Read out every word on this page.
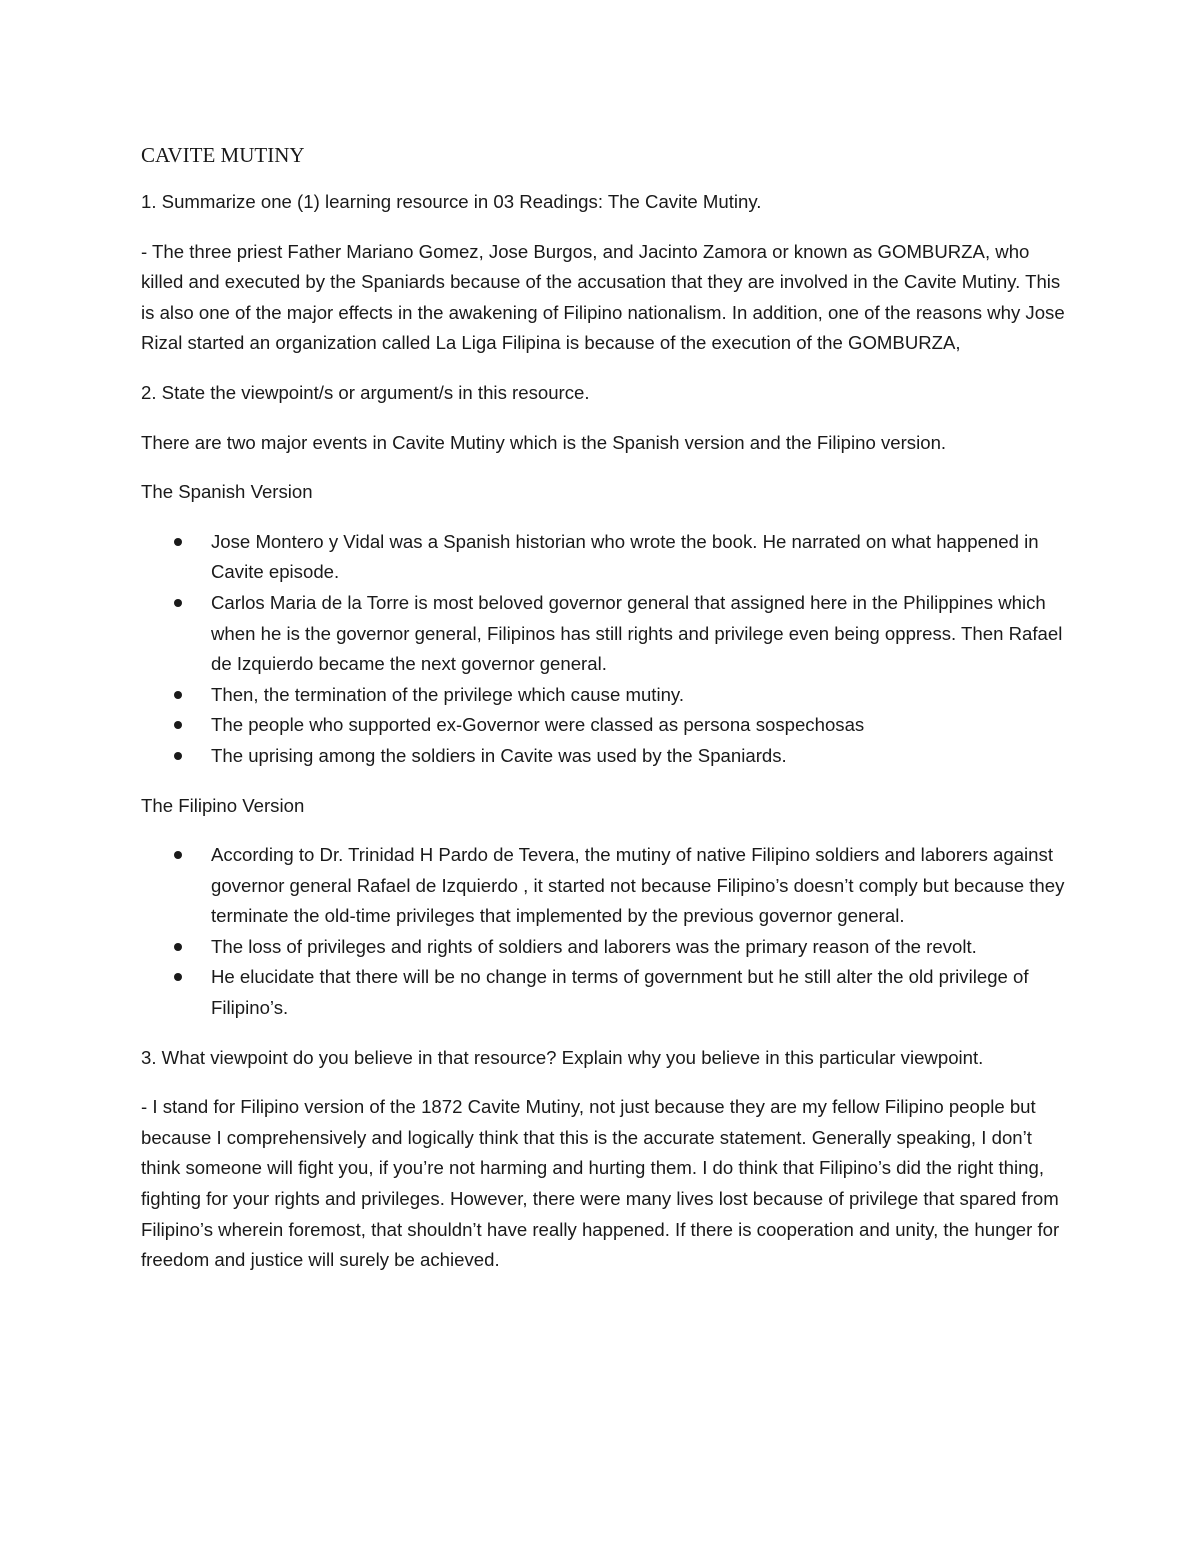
CAVITE MUTINY

1. Summarize one (1) learning resource in 03 Readings: The Cavite Mutiny.

- The three priest Father Mariano Gomez, Jose Burgos, and Jacinto Zamora or known as GOMBURZA, who killed and executed by the Spaniards because of the accusation that they are involved in the Cavite Mutiny. This is also one of the major effects in the awakening of Filipino nationalism. In addition, one of the reasons why Jose Rizal started an organization called La Liga Filipina is because of the execution of the GOMBURZA,

2. State the viewpoint/s or argument/s in this resource.

There are two major events in Cavite Mutiny which is the Spanish version and the Filipino version.

The Spanish Version

Jose Montero y Vidal was a Spanish historian who wrote the book. He narrated on what happened in Cavite episode.
Carlos Maria de la Torre is most beloved governor general that assigned here in the Philippines which when he is the governor general, Filipinos has still rights and privilege even being oppress. Then Rafael de Izquierdo became the next governor general.
Then, the termination of the privilege which cause mutiny.
The people who supported ex-Governor were classed as persona sospechosas
The uprising among the soldiers in Cavite was used by the Spaniards.

The Filipino Version

According to Dr. Trinidad H Pardo de Tevera, the mutiny of native Filipino soldiers and laborers against governor general Rafael de Izquierdo , it started not because Filipino’s doesn’t comply but because they terminate the old-time privileges that implemented by the previous governor general.
The loss of privileges and rights of soldiers and laborers was the primary reason of the revolt.
He elucidate that there will be no change in terms of government but he still alter the old privilege of Filipino’s.

3. What viewpoint do you believe in that resource? Explain why you believe in this particular viewpoint.

- I stand for Filipino version of the 1872 Cavite Mutiny, not just because they are my fellow Filipino people but because I comprehensively and logically think that this is the accurate statement. Generally speaking, I don’t think someone will fight you, if you’re not harming and hurting them. I do think that Filipino’s did the right thing, fighting for your rights and privileges. However, there were many lives lost because of privilege that spared from Filipino’s wherein foremost, that shouldn’t have really happened. If there is cooperation and unity, the hunger for freedom and justice will surely be achieved.
